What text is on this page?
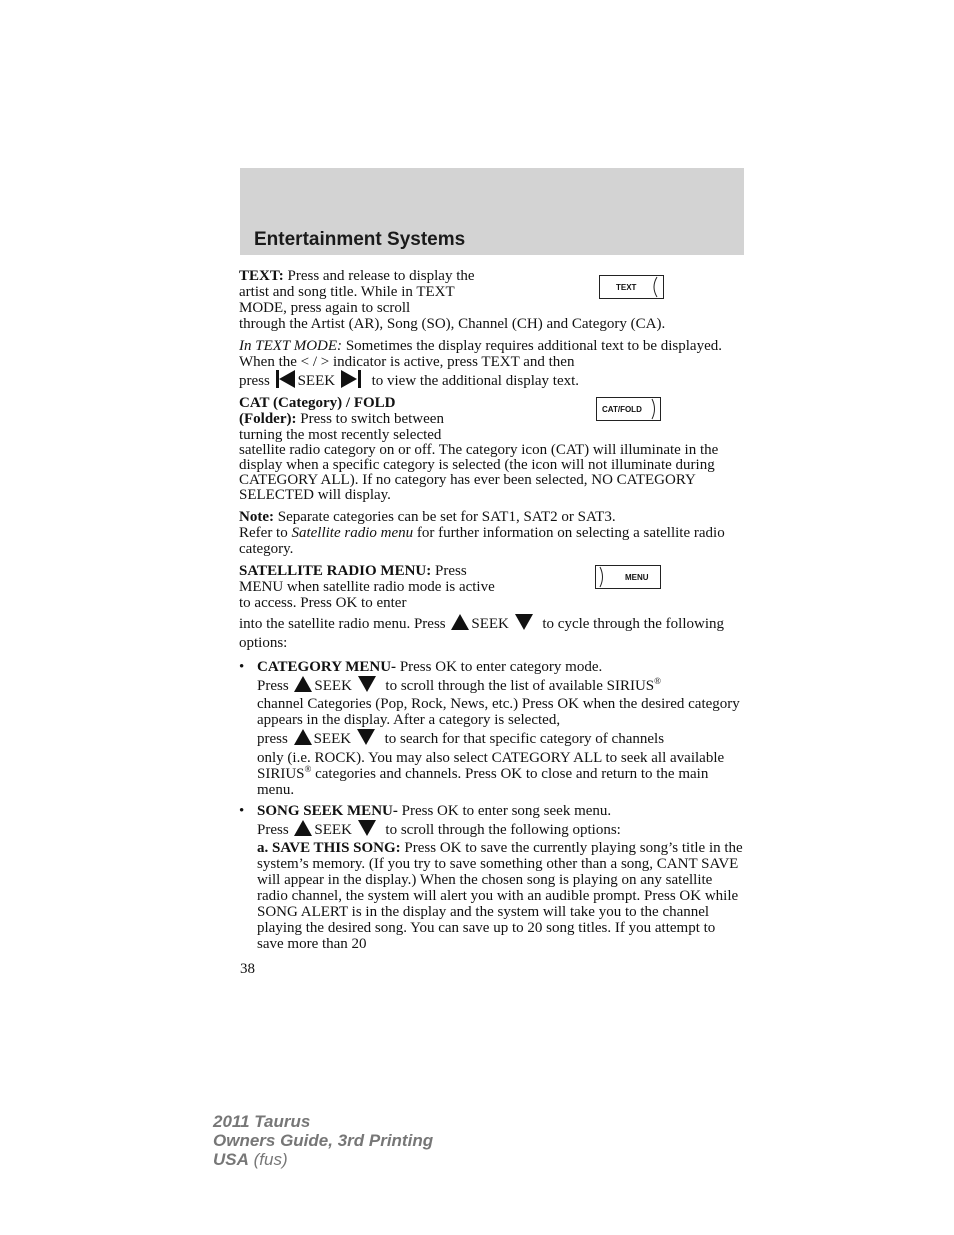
Entertainment Systems
TEXT
CAT/FOLD
MENU

TEXT: Press and release to display the artist and song title. While in TEXT MODE, press again to scroll

through the Artist (AR), Song (SO), Channel (CH) and Category (CA).

In TEXT MODE: Sometimes the display requires additional text to be displayed. When the < / > indicator is active, press TEXT and then
press SEEK to view the additional display text.

CAT (Category) / FOLD
(Folder): Press to switch between turning the most recently selected

satellite radio category on or off. The category icon (CAT) will illuminate in the display when a specific category is selected (the icon will not illuminate during CATEGORY ALL). If no category has ever been selected, NO CATEGORY SELECTED will display.

Note: Separate categories can be set for SAT1, SAT2 or SAT3.
Refer to Satellite radio menu for further information on selecting a satellite radio category.

SATELLITE RADIO MENU: Press MENU when satellite radio mode is active to access. Press OK to enter

into the satellite radio menu. Press SEEK to cycle through the following options:

• CATEGORY MENU- Press OK to enter category mode.
Press SEEK to scroll through the list of available SIRIUS®
channel Categories (Pop, Rock, News, etc.) Press OK when the desired category appears in the display. After a category is selected,
press SEEK to search for that specific category of channels
only (i.e. ROCK). You may also select CATEGORY ALL to seek all available SIRIUS® categories and channels. Press OK to close and return to the main menu.
• SONG SEEK MENU- Press OK to enter song seek menu.
Press SEEK to scroll through the following options:
a. SAVE THIS SONG: Press OK to save the currently playing song’s title in the system’s memory. (If you try to save something other than a song, CANT SAVE will appear in the display.) When the chosen song is playing on any satellite radio channel, the system will alert you with an audible prompt. Press OK while SONG ALERT is in the display and the system will take you to the channel playing the desired song. You can save up to 20 song titles. If you attempt to save more than 20
38
2011 Taurus
Owners Guide, 3rd Printing
USA (fus)
